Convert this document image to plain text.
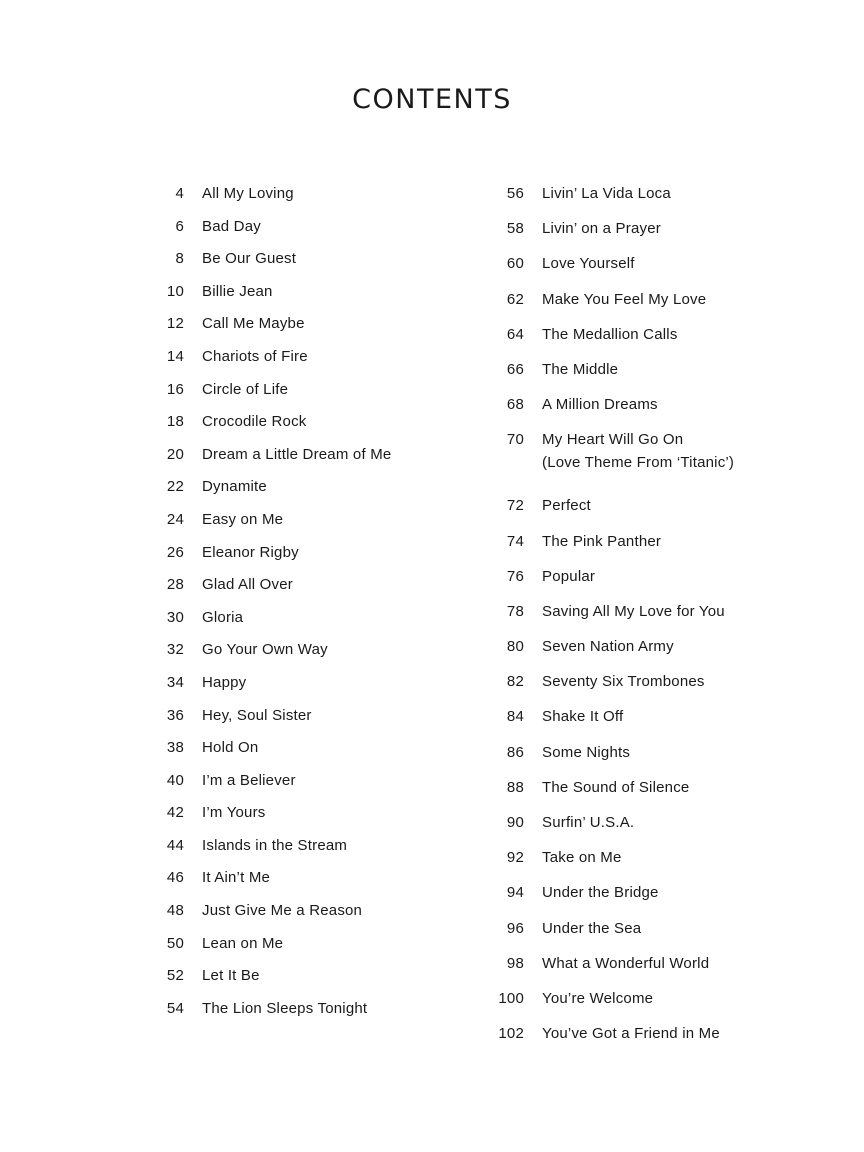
CONTENTS
4 All My Loving
6 Bad Day
8 Be Our Guest
10 Billie Jean
12 Call Me Maybe
14 Chariots of Fire
16 Circle of Life
18 Crocodile Rock
20 Dream a Little Dream of Me
22 Dynamite
24 Easy on Me
26 Eleanor Rigby
28 Glad All Over
30 Gloria
32 Go Your Own Way
34 Happy
36 Hey, Soul Sister
38 Hold On
40 I’m a Believer
42 I’m Yours
44 Islands in the Stream
46 It Ain’t Me
48 Just Give Me a Reason
50 Lean on Me
52 Let It Be
54 The Lion Sleeps Tonight
56 Livin’ La Vida Loca
58 Livin’ on a Prayer
60 Love Yourself
62 Make You Feel My Love
64 The Medallion Calls
66 The Middle
68 A Million Dreams
70 My Heart Will Go On
(Love Theme From ‘Titanic’)
72 Perfect
74 The Pink Panther
76 Popular
78 Saving All My Love for You
80 Seven Nation Army
82 Seventy Six Trombones
84 Shake It Off
86 Some Nights
88 The Sound of Silence
90 Surfin’ U.S.A.
92 Take on Me
94 Under the Bridge
96 Under the Sea
98 What a Wonderful World
100 You’re Welcome
102 You’ve Got a Friend in Me
